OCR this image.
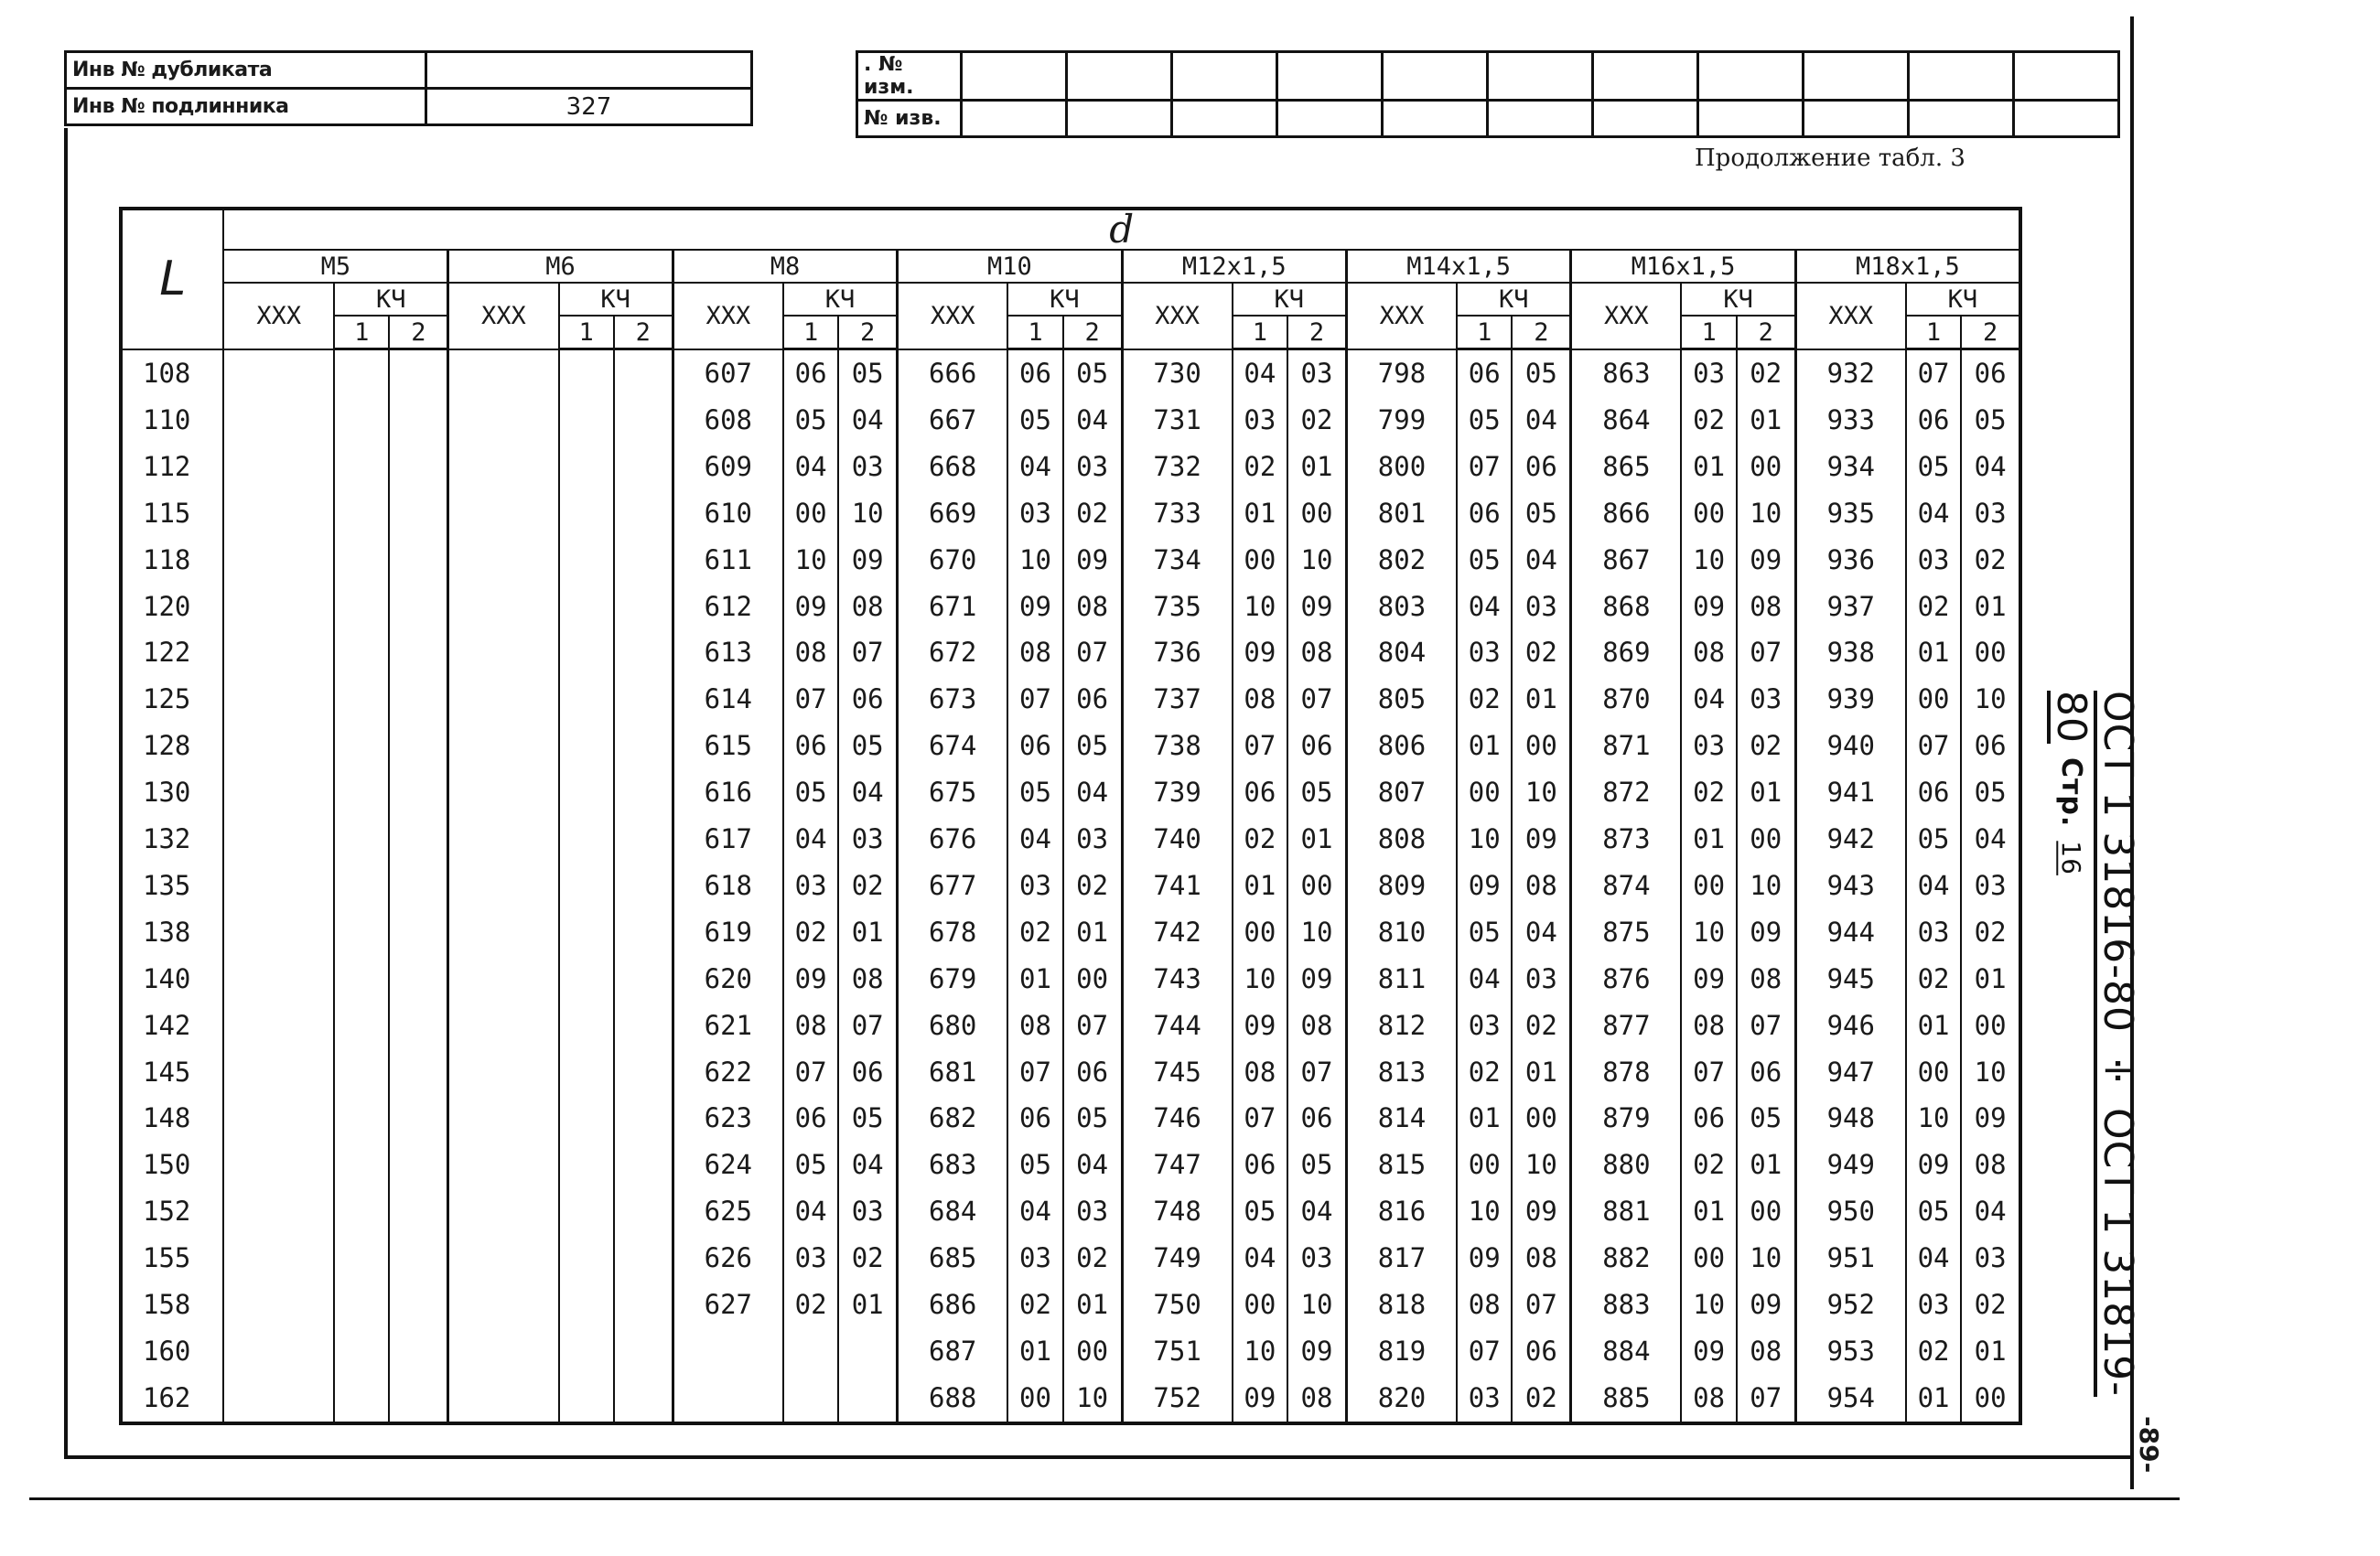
Инв № дубликата	
Инв № подлинника	327
. № изм.											
№ изв.											
Продолжение табл. 3
L	d																							
	M5			M6			M8			M10			M12x1,5			M14x1,5			M16x1,5			M18x1,5		
	XXX	КЧ		XXX	КЧ		XXX	КЧ		XXX	КЧ		XXX	КЧ		XXX	КЧ		XXX	КЧ		XXX	КЧ	
		1	2		1	2		1	2		1	2		1	2		1	2		1	2		1	2
108							607	06	05	666	06	05	730	04	03	798	06	05	863	03	02	932	07	06
110							608	05	04	667	05	04	731	03	02	799	05	04	864	02	01	933	06	05
112							609	04	03	668	04	03	732	02	01	800	07	06	865	01	00	934	05	04
115							610	00	10	669	03	02	733	01	00	801	06	05	866	00	10	935	04	03
118							611	10	09	670	10	09	734	00	10	802	05	04	867	10	09	936	03	02
120							612	09	08	671	09	08	735	10	09	803	04	03	868	09	08	937	02	01
122							613	08	07	672	08	07	736	09	08	804	03	02	869	08	07	938	01	00
125							614	07	06	673	07	06	737	08	07	805	02	01	870	04	03	939	00	10
128							615	06	05	674	06	05	738	07	06	806	01	00	871	03	02	940	07	06
130							616	05	04	675	05	04	739	06	05	807	00	10	872	02	01	941	06	05
132							617	04	03	676	04	03	740	02	01	808	10	09	873	01	00	942	05	04
135							618	03	02	677	03	02	741	01	00	809	09	08	874	00	10	943	04	03
138							619	02	01	678	02	01	742	00	10	810	05	04	875	10	09	944	03	02
140							620	09	08	679	01	00	743	10	09	811	04	03	876	09	08	945	02	01
142							621	08	07	680	08	07	744	09	08	812	03	02	877	08	07	946	01	00
145							622	07	06	681	07	06	745	08	07	813	02	01	878	07	06	947	00	10
148							623	06	05	682	06	05	746	07	06	814	01	00	879	06	05	948	10	09
150							624	05	04	683	05	04	747	06	05	815	00	10	880	02	01	949	09	08
152							625	04	03	684	04	03	748	05	04	816	10	09	881	01	00	950	05	04
155							626	03	02	685	03	02	749	04	03	817	09	08	882	00	10	951	04	03
158							627	02	01	686	02	01	750	00	10	818	08	07	883	10	09	952	03	02
160										687	01	00	751	10	09	819	07	06	884	09	08	953	02	01
162										688	00	10	752	09	08	820	03	02	885	08	07	954	01	00
ОСТ 1 31816-80 ÷ ОСТ 1 31819-80 Стр. 16
-89-
